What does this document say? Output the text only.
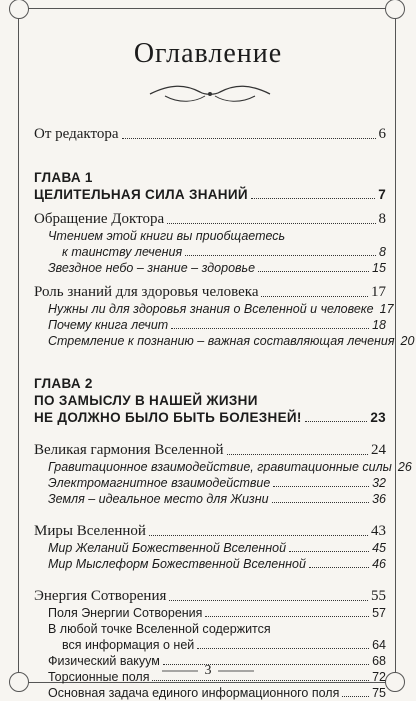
Оглавление
От редактора	6
ГЛАВА 1
ЦЕЛИТЕЛЬНАЯ СИЛА ЗНАНИЙ	7
Обращение Доктора	8
Чтением этой книги вы приобщаетесь
к таинству лечения	8
Звездное небо – знание – здоровье	15
Роль знаний для здоровья человека	17
Нужны ли для здоровья знания о Вселенной и человеке 17
Почему книга лечит	18
Стремление к познанию – важная составляющая лечения 20
ГЛАВА 2
ПО ЗАМЫСЛУ В НАШЕЙ ЖИЗНИ
НЕ ДОЛЖНО БЫЛО БЫТЬ БОЛЕЗНЕЙ!	23
Великая гармония Вселенной	24
Гравитационное взаимодействие, гравитационные силы 26
Электромагнитное взаимодействие	32
Земля – идеальное место для Жизни	36
Миры Вселенной	43
Мир Желаний Божественной Вселенной	45
Мир Мыслеформ Божественной Вселенной	46
Энергия Сотворения	55
Поля Энергии Сотворения	57
В любой точке Вселенной содержится
вся информация о ней	64
Физический вакуум	68
Торсионные поля	72
Основная задача единого информационного поля	75
3
